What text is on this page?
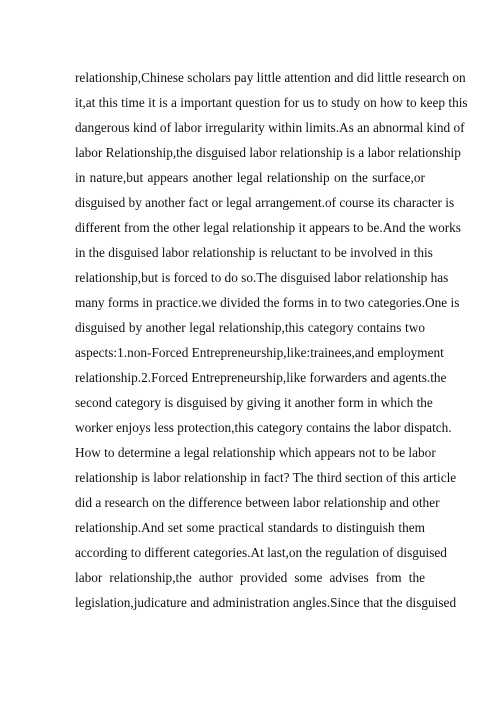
relationship,Chinese scholars pay little attention and did little research on
it,at this time it is a important question for us to study on how to keep this
dangerous kind of labor irregularity within limits.As an abnormal kind of
labor Relationship,the disguised labor relationship is a labor relationship
in nature,but appears another legal relationship on the surface,or
disguised by another fact or legal arrangement.of course its character is
different from the other legal relationship it appears to be.And the works
in the disguised labor relationship is reluctant to be involved in this
relationship,but is forced to do so.The disguised labor relationship has
many forms in practice.we divided the forms in to two categories.One is
disguised by another legal relationship,this category contains two
aspects:1.non-Forced Entrepreneurship,like:trainees,and employment
relationship.2.Forced Entrepreneurship,like forwarders and agents.the
second category is disguised by giving it another form in which the
worker enjoys less protection,this category contains the labor dispatch.
How to determine a legal relationship which appears not to be labor
relationship is labor relationship in fact? The third section of this article
did a research on the difference between labor relationship and other
relationship.And set some practical standards to distinguish them
according to different categories.At last,on the regulation of disguised
labor relationship,the author provided some advises from the
legislation,judicature and administration angles.Since that the disguised
